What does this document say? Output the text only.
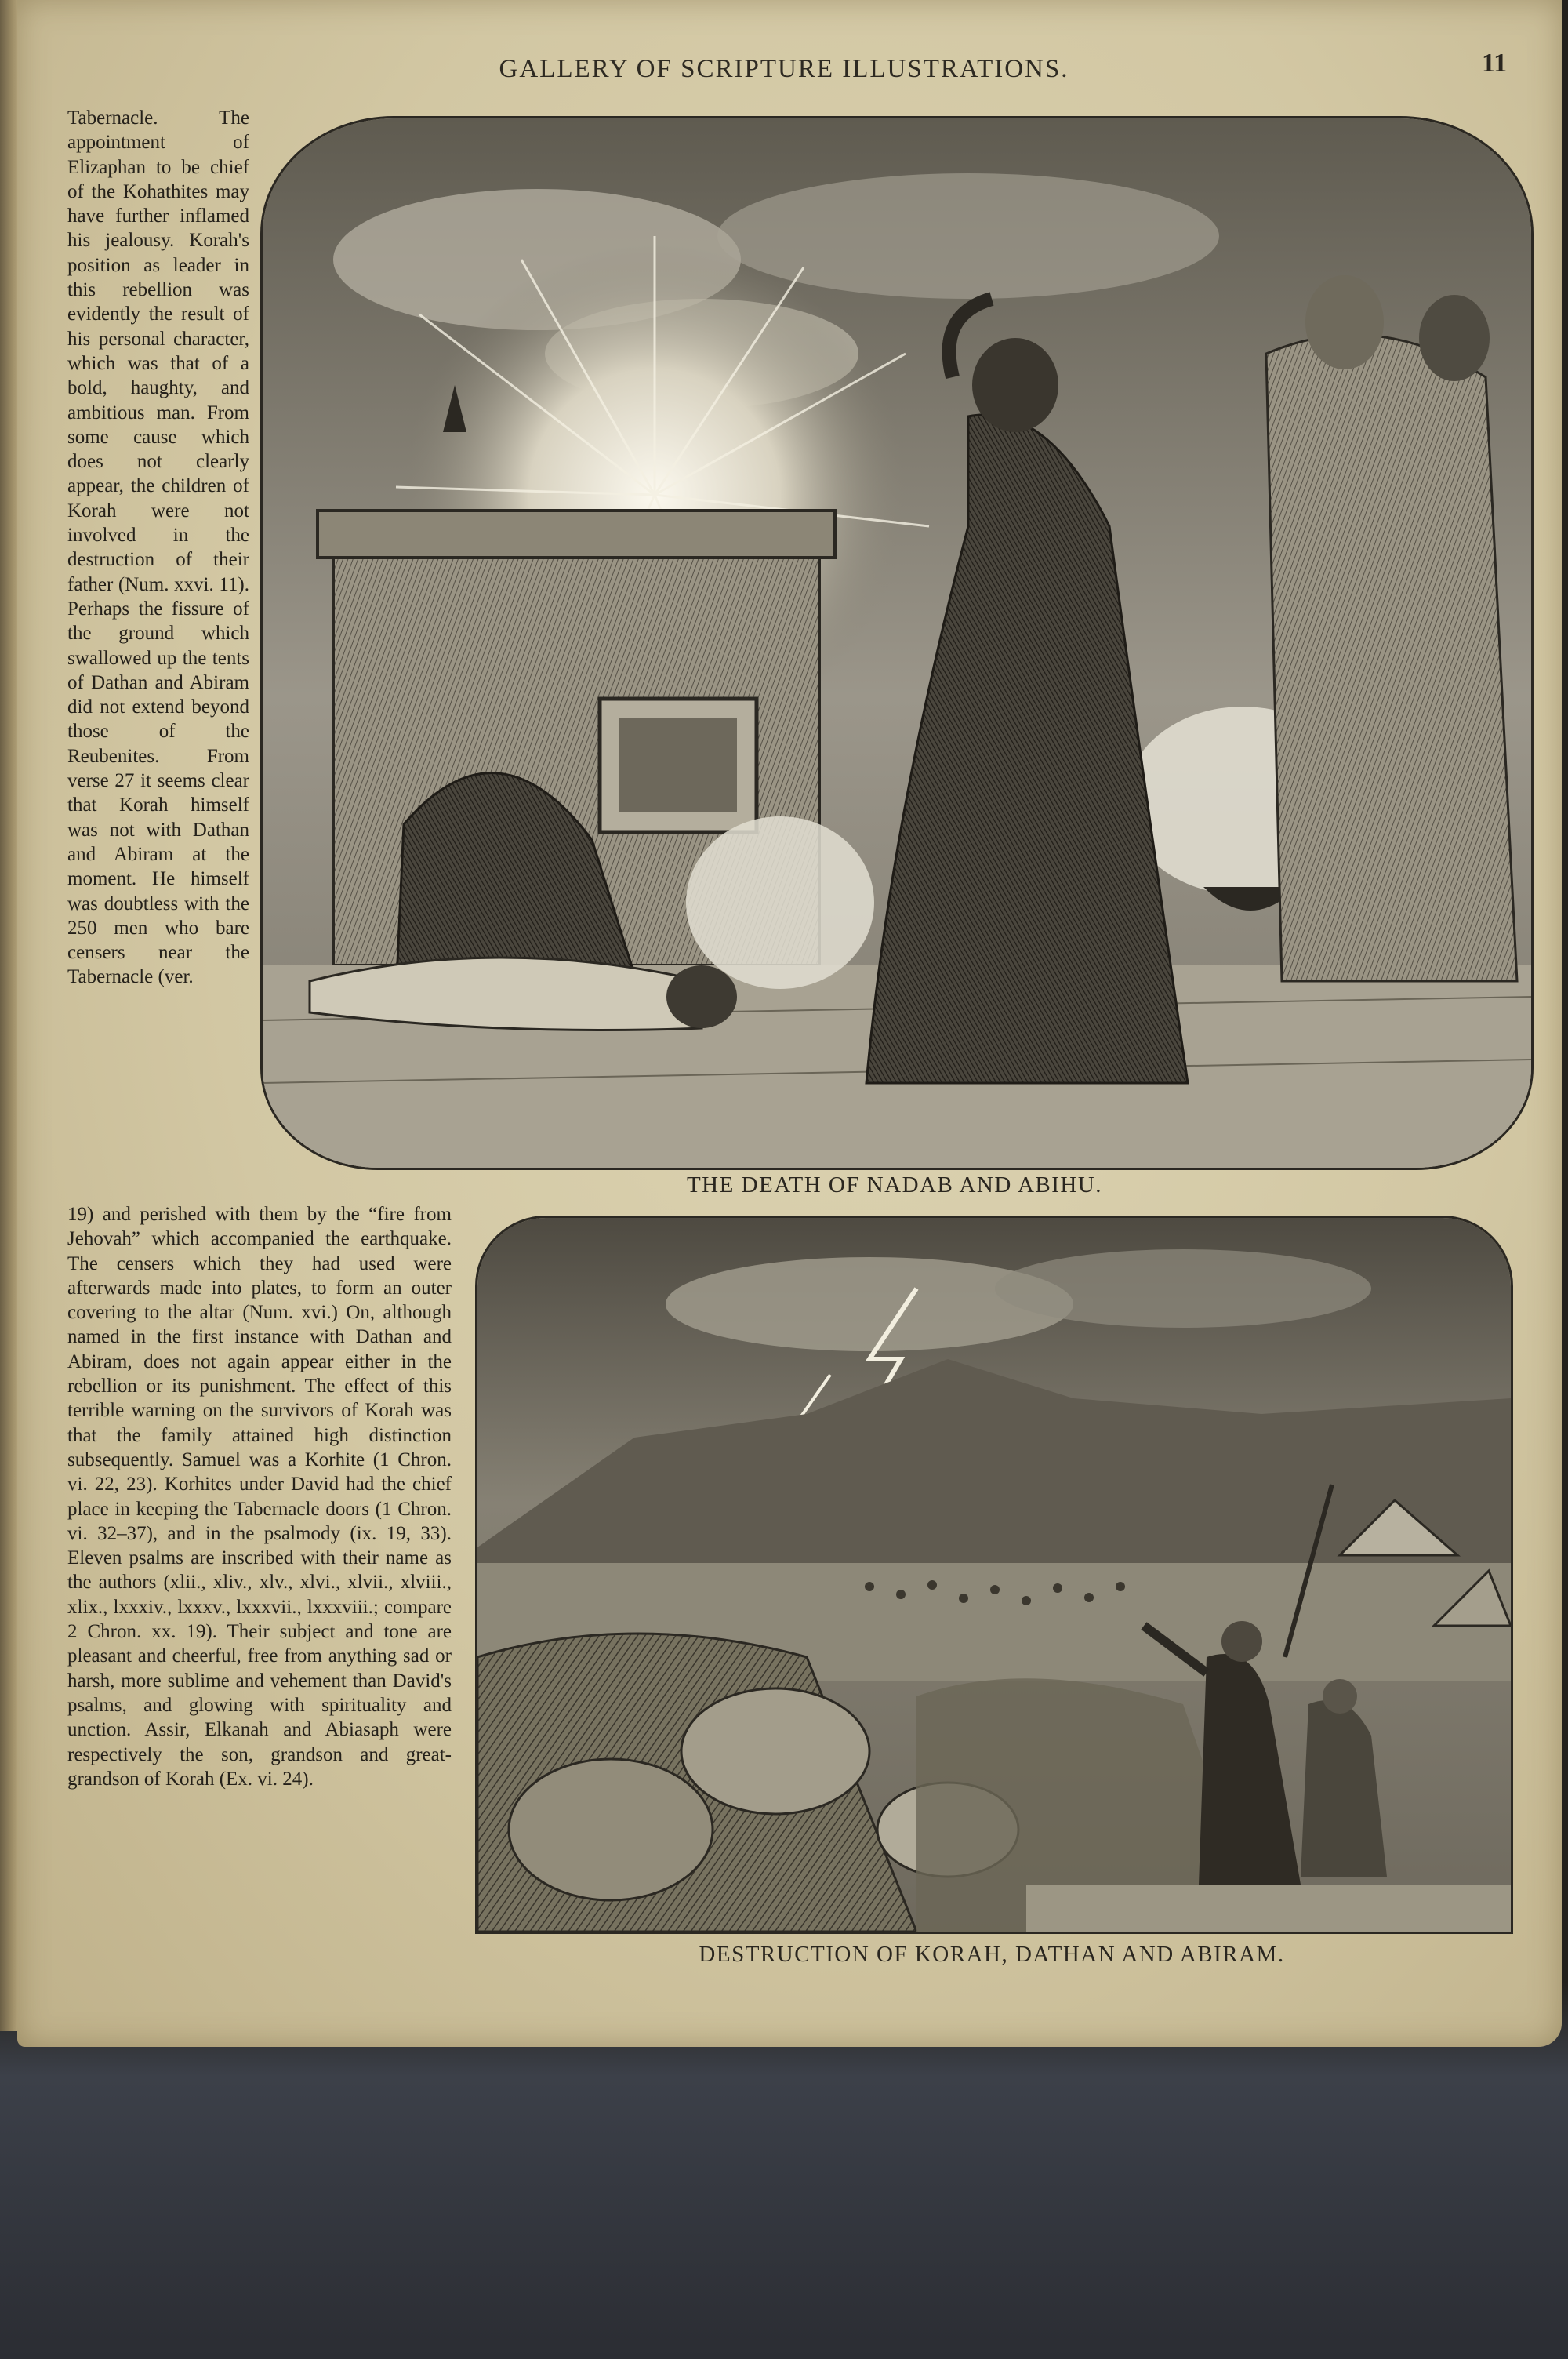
GALLERY OF SCRIPTURE ILLUSTRATIONS.	11
Tabernacle. The appointment of Elizaphan to be chief of the Kohathites may have further inflamed his jealousy. Korah's position as leader in this rebellion was evidently the result of his personal character, which was that of a bold, haughty, and ambitious man. From some cause which does not clearly appear, the children of Korah were not involved in the destruction of their father (Num. xxvi. 11). Perhaps the fissure of the ground which swallowed up the tents of Dathan and Abiram did not extend beyond those of the Reubenites. From verse 27 it seems clear that Korah himself was not with Dathan and Abiram at the moment. He himself was doubtless with the 250 men who bare censers near the Tabernacle (ver.
19) and perished with them by the “fire from Jehovah” which accompanied the earthquake. The censers which they had used were afterwards made into plates, to form an outer covering to the altar (Num. xvi.) On, although named in the first instance with Dathan and Abiram, does not again appear either in the rebellion or its punishment. The effect of this terrible warning on the survivors of Korah was that the family attained high distinction subsequently. Samuel was a Korhite (1 Chron. vi. 22, 23). Korhites under David had the chief place in keeping the Tabernacle doors (1 Chron. vi. 32–37), and in the psalmody (ix. 19, 33). Eleven psalms are inscribed with their name as the authors (xlii., xliv., xlv., xlvi., xlvii., xlviii., xlix., lxxxiv., lxxxv., lxxxvii., lxxxviii.; compare 2 Chron. xx. 19). Their subject and tone are pleasant and cheerful, free from anything sad or harsh, more sublime and vehement than David's psalms, and glowing with spirituality and unction. Assir, Elkanah and Abiasaph were respectively the son, grandson and great-grandson of Korah (Ex. vi. 24).
THE DEATH OF NADAB AND ABIHU.
DESTRUCTION OF KORAH, DATHAN AND ABIRAM.
